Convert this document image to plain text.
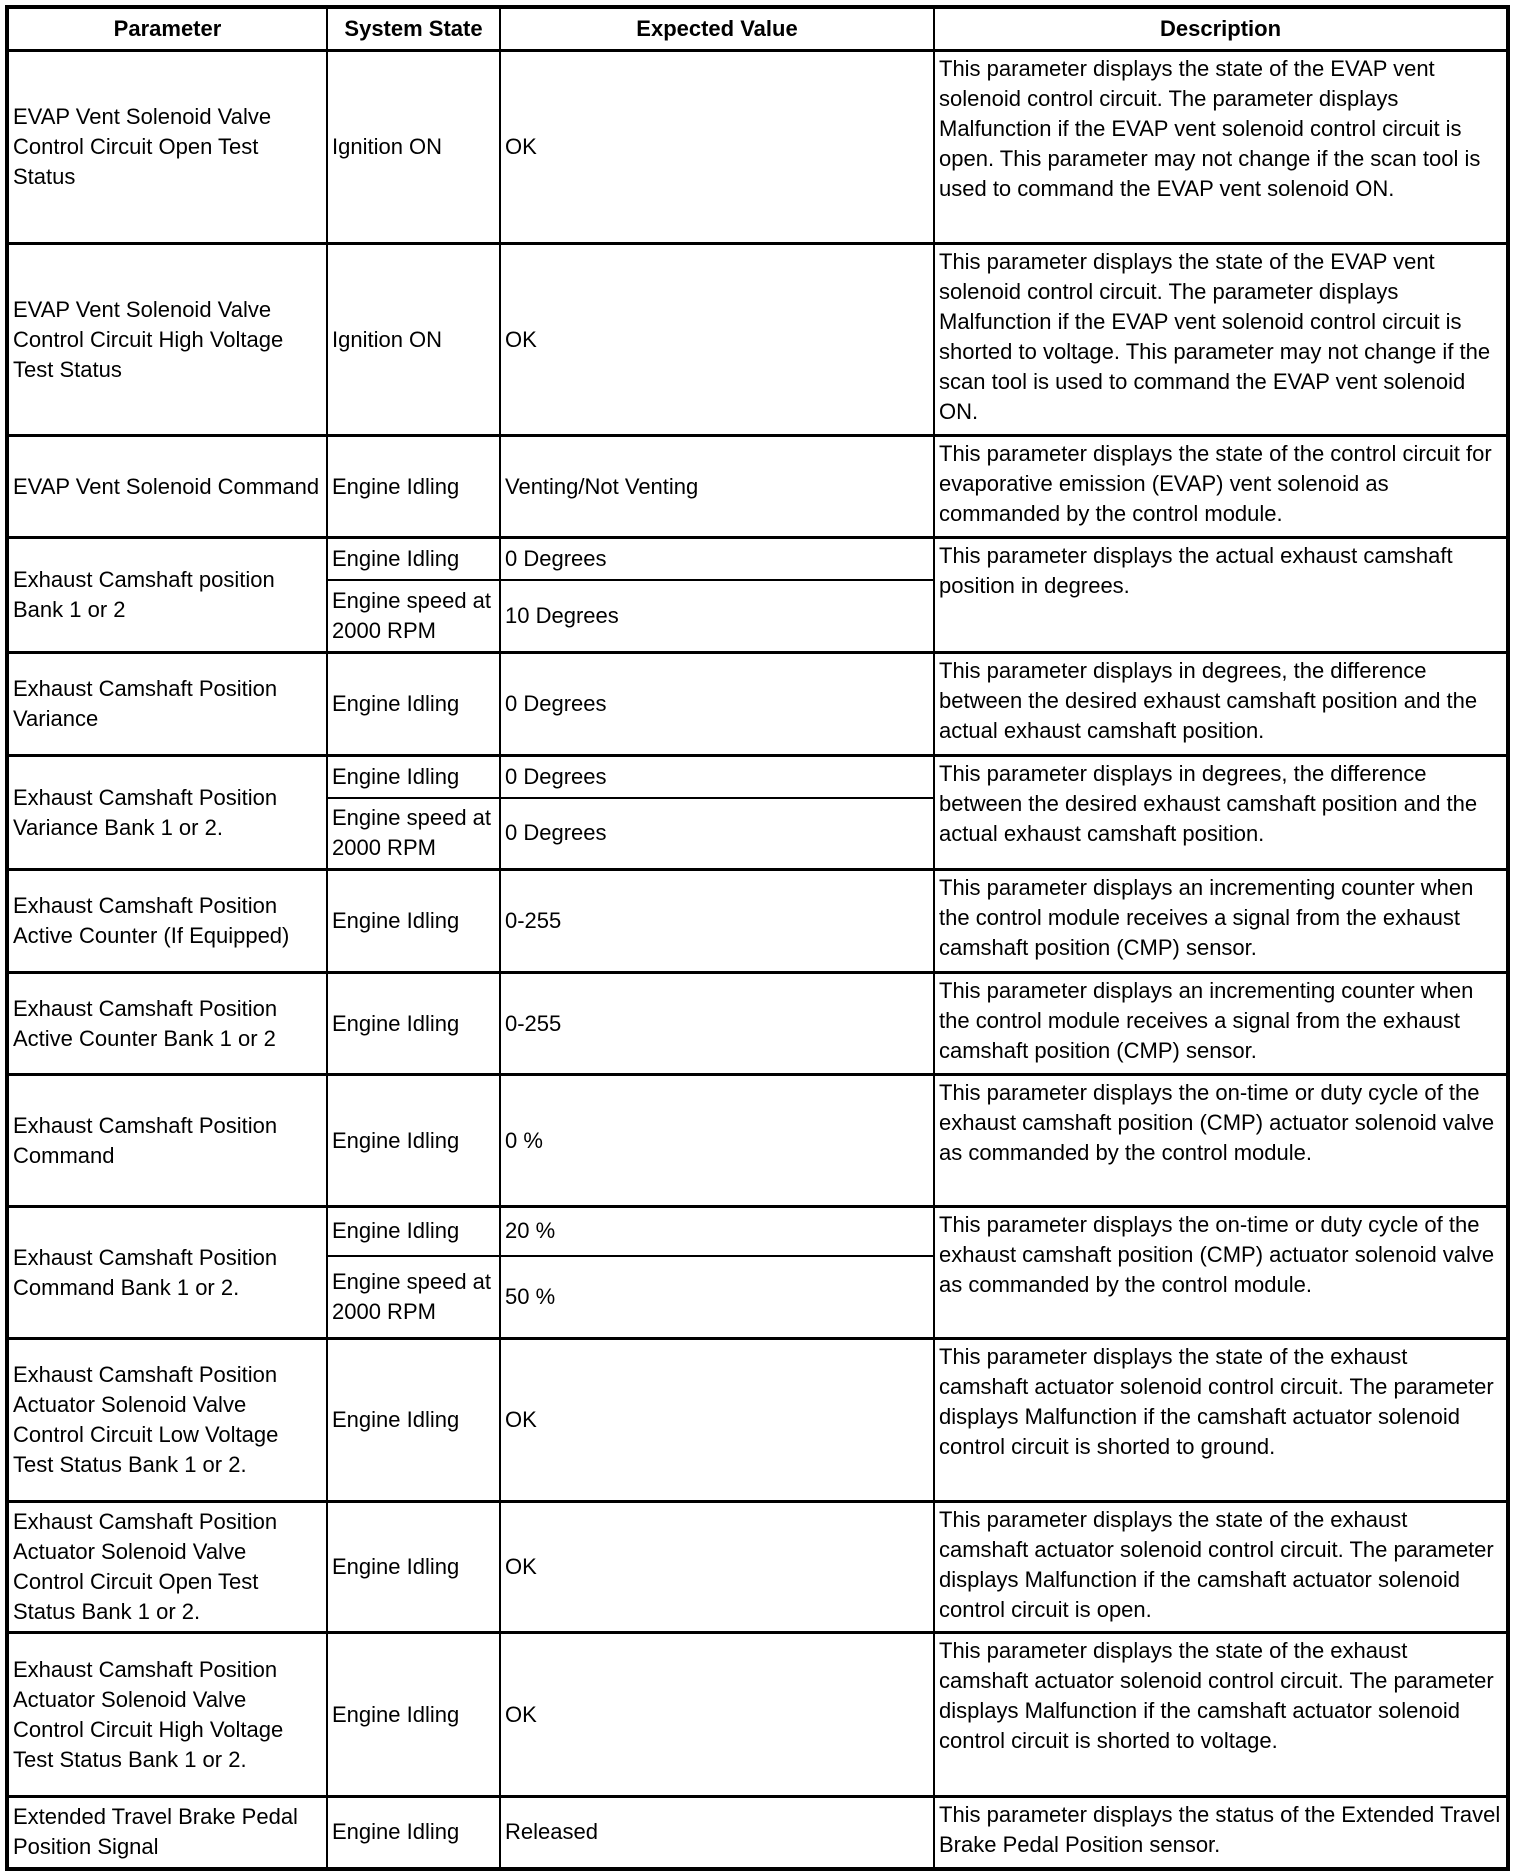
Parameter	System State	Expected Value	Description
EVAP Vent Solenoid Valve Control Circuit Open Test Status	Ignition ON	OK	This parameter displays the state of the EVAP vent solenoid control circuit. The parameter displays Malfunction if the EVAP vent solenoid control circuit is open. This parameter may not change if the scan tool is used to command the EVAP vent solenoid ON.
EVAP Vent Solenoid Valve Control Circuit High Voltage Test Status	Ignition ON	OK	This parameter displays the state of the EVAP vent solenoid control circuit. The parameter displays Malfunction if the EVAP vent solenoid control circuit is shorted to voltage. This parameter may not change if the scan tool is used to command the EVAP vent solenoid ON.
EVAP Vent Solenoid Command	Engine Idling	Venting/Not Venting	This parameter displays the state of the control circuit for evaporative emission (EVAP) vent solenoid as commanded by the control module.
Exhaust Camshaft position Bank 1 or 2	Engine Idling	0 Degrees	This parameter displays the actual exhaust camshaft position in degrees.
	Engine speed at 2000 RPM	10 Degrees	
Exhaust Camshaft Position Variance	Engine Idling	0 Degrees	This parameter displays in degrees, the difference between the desired exhaust camshaft position and the actual exhaust camshaft position.
Exhaust Camshaft Position Variance Bank 1 or 2.	Engine Idling	0 Degrees	This parameter displays in degrees, the difference between the desired exhaust camshaft position and the actual exhaust camshaft position.
	Engine speed at 2000 RPM	0 Degrees	
Exhaust Camshaft Position Active Counter (If Equipped)	Engine Idling	0-255	This parameter displays an incrementing counter when the control module receives a signal from the exhaust camshaft position (CMP) sensor.
Exhaust Camshaft Position Active Counter Bank 1 or 2	Engine Idling	0-255	This parameter displays an incrementing counter when the control module receives a signal from the exhaust camshaft position (CMP) sensor.
Exhaust Camshaft Position Command	Engine Idling	0 %	This parameter displays the on-time or duty cycle of the exhaust camshaft position (CMP) actuator solenoid valve as commanded by the control module.
Exhaust Camshaft Position Command Bank 1 or 2.	Engine Idling	20 %	This parameter displays the on-time or duty cycle of the exhaust camshaft position (CMP) actuator solenoid valve as commanded by the control module.
	Engine speed at 2000 RPM	50 %	
Exhaust Camshaft Position Actuator Solenoid Valve Control Circuit Low Voltage Test Status Bank 1 or 2.	Engine Idling	OK	This parameter displays the state of the exhaust camshaft actuator solenoid control circuit. The parameter displays Malfunction if the camshaft actuator solenoid control circuit is shorted to ground.
Exhaust Camshaft Position Actuator Solenoid Valve Control Circuit Open Test Status Bank 1 or 2.	Engine Idling	OK	This parameter displays the state of the exhaust camshaft actuator solenoid control circuit. The parameter displays Malfunction if the camshaft actuator solenoid control circuit is open.
Exhaust Camshaft Position Actuator Solenoid Valve Control Circuit High Voltage Test Status Bank 1 or 2.	Engine Idling	OK	This parameter displays the state of the exhaust camshaft actuator solenoid control circuit. The parameter displays Malfunction if the camshaft actuator solenoid control circuit is shorted to voltage.
Extended Travel Brake Pedal Position Signal	Engine Idling	Released	This parameter displays the status of the Extended Travel Brake Pedal Position sensor.
